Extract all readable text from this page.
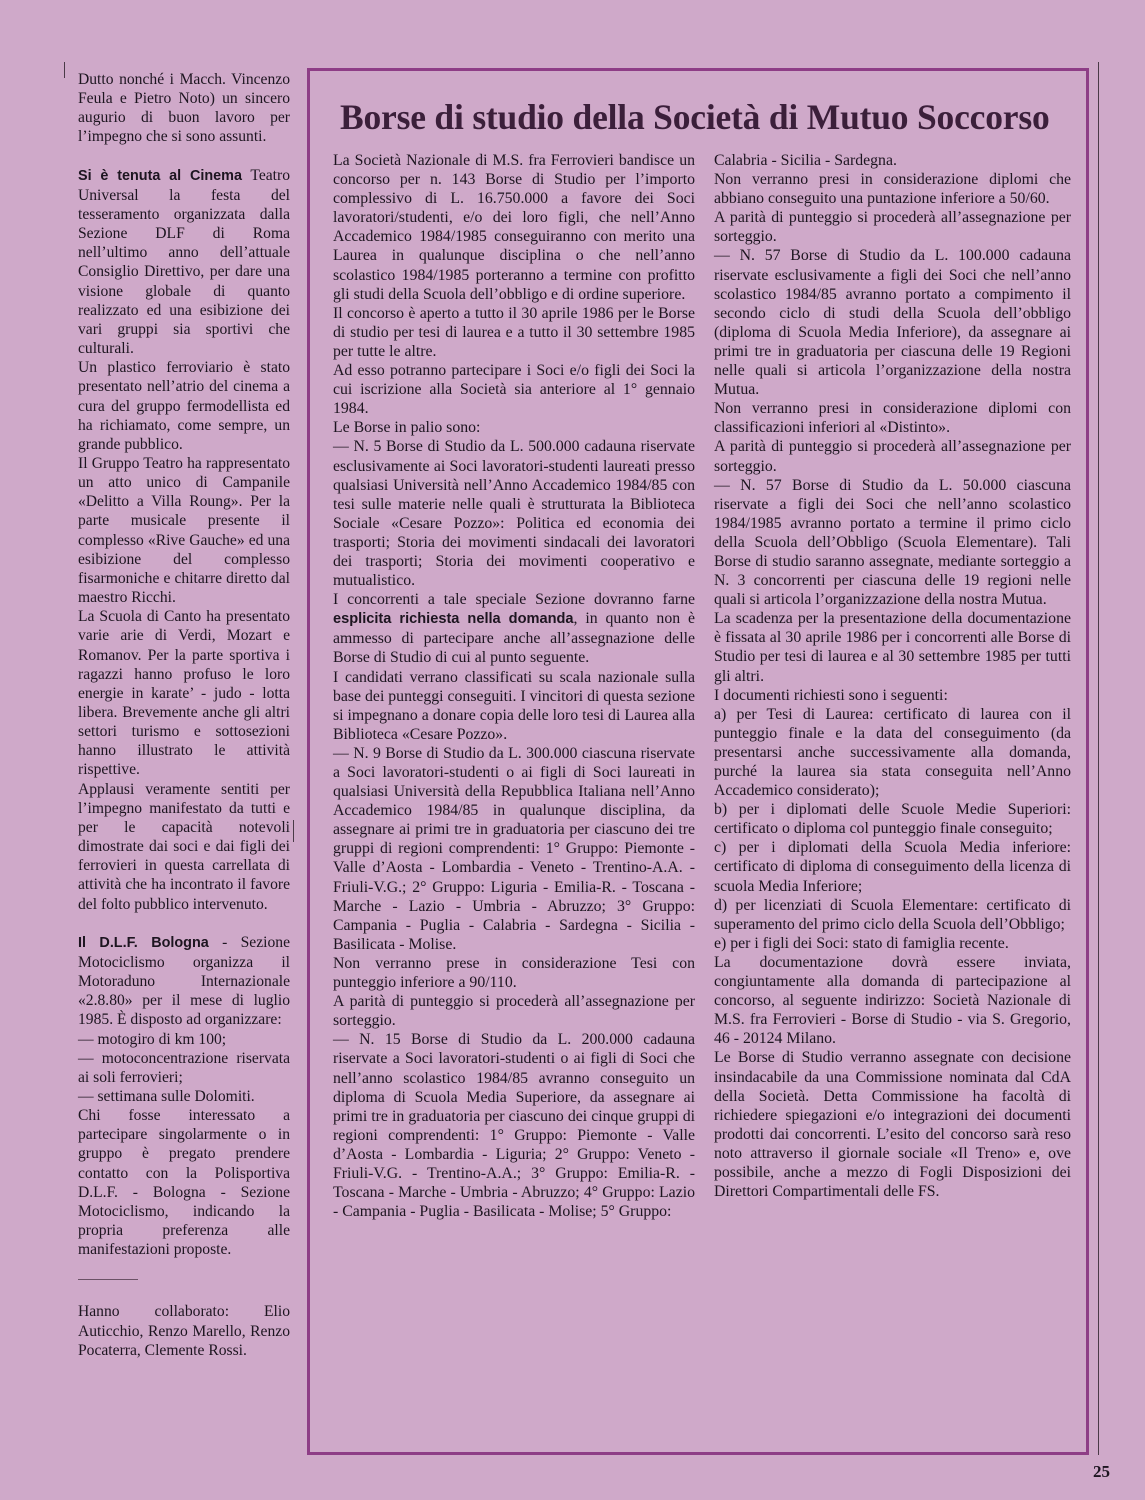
Dutto nonché i Macch. Vincenzo Feula e Pietro Noto) un sincero augurio di buon lavoro per l’impegno che si sono assunti.

Si è tenuta al Cinema Teatro Universal la festa del tesseramento organizzata dalla Sezione DLF di Roma nell’ultimo anno dell’attuale Consiglio Direttivo, per dare una visione globale di quanto realizzato ed una esibizione dei vari gruppi sia sportivi che culturali.

Un plastico ferroviario è stato presentato nell’atrio del cinema a cura del gruppo fermodellista ed ha richiamato, come sempre, un grande pubblico.

Il Gruppo Teatro ha rappresentato un atto unico di Campanile «Delitto a Villa Roung». Per la parte musicale presente il complesso «Rive Gauche» ed una esibizione del complesso fisarmoniche e chitarre diretto dal maestro Ricchi.

La Scuola di Canto ha presentato varie arie di Verdi, Mozart e Romanov. Per la parte sportiva i ragazzi hanno profuso le loro energie in karate’ - judo - lotta libera. Brevemente anche gli altri settori turismo e sottosezioni hanno illustrato le attività rispettive.

Applausi veramente sentiti per l’impegno manifestato da tutti e per le capacità notevoli dimostrate dai soci e dai figli dei ferrovieri in questa carrellata di attività che ha incontrato il favore del folto pubblico intervenuto.

Il D.L.F. Bologna - Sezione Motociclismo organizza il Motoraduno Internazionale «2.8.80» per il mese di luglio 1985. È disposto ad organizzare:

— motogiro di km 100;

— motoconcentrazione riservata ai soli ferrovieri;

— settimana sulle Dolomiti.

Chi fosse interessato a partecipare singolarmente o in gruppo è pregato prendere contatto con la Polisportiva D.L.F. - Bologna - Sezione Motociclismo, indicando la propria preferenza alle manifestazioni proposte.

Hanno collaborato: Elio Auticchio, Renzo Marello, Renzo Pocaterra, Clemente Rossi.

Borse di studio della Società di Mutuo Soccorso

La Società Nazionale di M.S. fra Ferrovieri bandisce un concorso per n. 143 Borse di Studio per l’importo complessivo di L. 16.750.000 a favore dei Soci lavoratori/studenti, e/o dei loro figli, che nell’Anno Accademico 1984/1985 conseguiranno con merito una Laurea in qualunque disciplina o che nell’anno scolastico 1984/1985 porteranno a termine con profitto gli studi della Scuola dell’obbligo e di ordine superiore.

Il concorso è aperto a tutto il 30 aprile 1986 per le Borse di studio per tesi di laurea e a tutto il 30 settembre 1985 per tutte le altre.

Ad esso potranno partecipare i Soci e/o figli dei Soci la cui iscrizione alla Società sia anteriore al 1° gennaio 1984.

Le Borse in palio sono:

— N. 5 Borse di Studio da L. 500.000 cadauna riservate esclusivamente ai Soci lavoratori-studenti laureati presso qualsiasi Università nell’Anno Accademico 1984/85 con tesi sulle materie nelle quali è strutturata la Biblioteca Sociale «Cesare Pozzo»: Politica ed economia dei trasporti; Storia dei movimenti sindacali dei lavoratori dei trasporti; Storia dei movimenti cooperativo e mutualistico.

I concorrenti a tale speciale Sezione dovranno farne esplicita richiesta nella domanda, in quanto non è ammesso di partecipare anche all’assegnazione delle Borse di Studio di cui al punto seguente.

I candidati verrano classificati su scala nazionale sulla base dei punteggi conseguiti. I vincitori di questa sezione si impegnano a donare copia delle loro tesi di Laurea alla Biblioteca «Cesare Pozzo».

— N. 9 Borse di Studio da L. 300.000 ciascuna riservate a Soci lavoratori-studenti o ai figli di Soci laureati in qualsiasi Università della Repubblica Italiana nell’Anno Accademico 1984/85 in qualunque disciplina, da assegnare ai primi tre in graduatoria per ciascuno dei tre gruppi di regioni comprendenti: 1° Gruppo: Piemonte - Valle d’Aosta - Lombardia - Veneto - Trentino-A.A. - Friuli-V.G.; 2° Gruppo: Liguria - Emilia-R. - Toscana - Marche - Lazio - Umbria - Abruzzo; 3° Gruppo: Campania - Puglia - Calabria - Sardegna - Sicilia - Basilicata - Molise.

Non verranno prese in considerazione Tesi con punteggio inferiore a 90/110.

A parità di punteggio si procederà all’assegnazione per sorteggio.

— N. 15 Borse di Studio da L. 200.000 cadauna riservate a Soci lavoratori-studenti o ai figli di Soci che nell’anno scolastico 1984/85 avranno conseguito un diploma di Scuola Media Superiore, da assegnare ai primi tre in graduatoria per ciascuno dei cinque gruppi di regioni comprendenti: 1° Gruppo: Piemonte - Valle d’Aosta - Lombardia - Liguria; 2° Gruppo: Veneto - Friuli-V.G. - Trentino-A.A.; 3° Gruppo: Emilia-R. - Toscana - Marche - Umbria - Abruzzo; 4° Gruppo: Lazio - Campania - Puglia - Basilicata - Molise; 5° Gruppo:

Calabria - Sicilia - Sardegna.

Non verranno presi in considerazione diplomi che abbiano conseguito una puntazione inferiore a 50/60.

A parità di punteggio si procederà all’assegnazione per sorteggio.

— N. 57 Borse di Studio da L. 100.000 cadauna riservate esclusivamente a figli dei Soci che nell’anno scolastico 1984/85 avranno portato a compimento il secondo ciclo di studi della Scuola dell’obbligo (diploma di Scuola Media Inferiore), da assegnare ai primi tre in graduatoria per ciascuna delle 19 Regioni nelle quali si articola l’organizzazione della nostra Mutua.

Non verranno presi in considerazione diplomi con classificazioni inferiori al «Distinto».

A parità di punteggio si procederà all’assegnazione per sorteggio.

— N. 57 Borse di Studio da L. 50.000 ciascuna riservate a figli dei Soci che nell’anno scolastico 1984/1985 avranno portato a termine il primo ciclo della Scuola dell’Obbligo (Scuola Elementare). Tali Borse di studio saranno assegnate, mediante sorteggio a N. 3 concorrenti per ciascuna delle 19 regioni nelle quali si articola l’organizzazione della nostra Mutua.

La scadenza per la presentazione della documentazione è fissata al 30 aprile 1986 per i concorrenti alle Borse di Studio per tesi di laurea e al 30 settembre 1985 per tutti gli altri.

I documenti richiesti sono i seguenti:

a) per Tesi di Laurea: certificato di laurea con il punteggio finale e la data del conseguimento (da presentarsi anche successivamente alla domanda, purché la laurea sia stata conseguita nell’Anno Accademico considerato);

b) per i diplomati delle Scuole Medie Superiori: certificato o diploma col punteggio finale conseguito;

c) per i diplomati della Scuola Media inferiore: certificato di diploma di conseguimento della licenza di scuola Media Inferiore;

d) per licenziati di Scuola Elementare: certificato di superamento del primo ciclo della Scuola dell’Obbligo;

e) per i figli dei Soci: stato di famiglia recente.

La documentazione dovrà essere inviata, congiuntamente alla domanda di partecipazione al concorso, al seguente indirizzo: Società Nazionale di M.S. fra Ferrovieri - Borse di Studio - via S. Gregorio, 46 - 20124 Milano.

Le Borse di Studio verranno assegnate con decisione insindacabile da una Commissione nominata dal CdA della Società. Detta Commissione ha facoltà di richiedere spiegazioni e/o integrazioni dei documenti prodotti dai concorrenti. L’esito del concorso sarà reso noto attraverso il giornale sociale «Il Treno» e, ove possibile, anche a mezzo di Fogli Disposizioni dei Direttori Compartimentali delle FS.

25
